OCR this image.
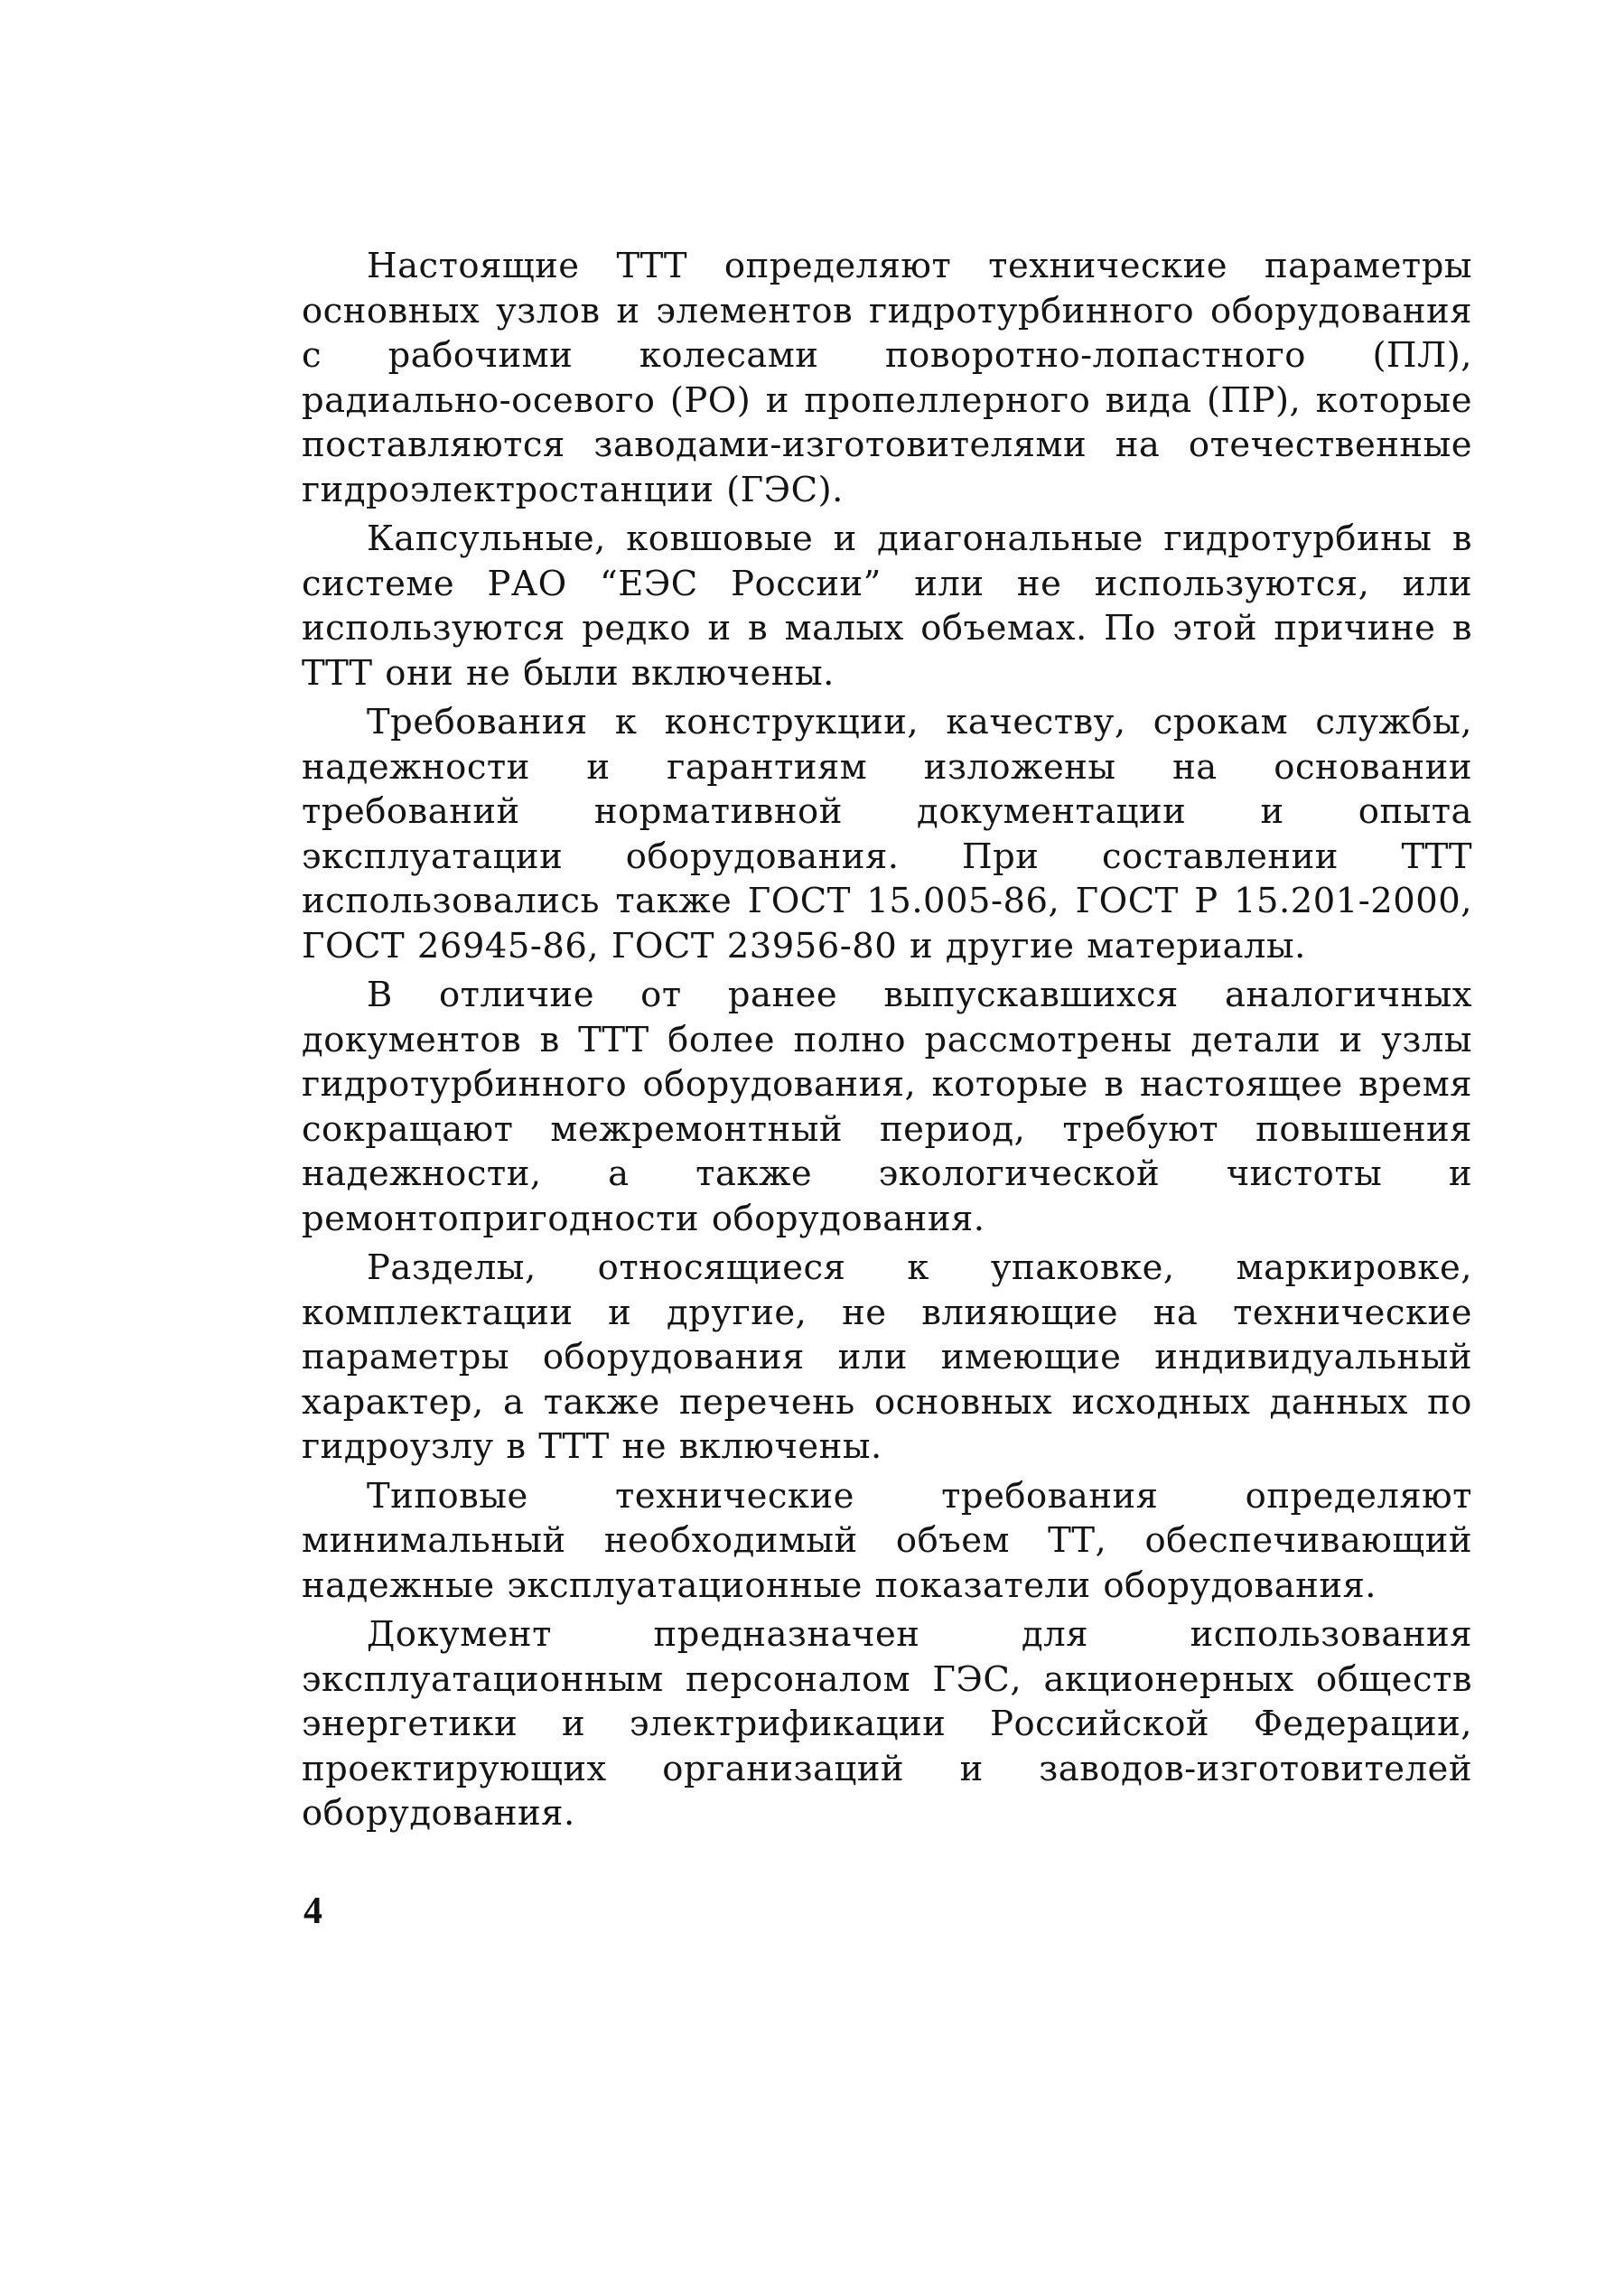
Настоящие ТТТ определяют технические параметры основных узлов и элементов гидротурбинного оборудования с рабочими колесами поворотно-лопастного (ПЛ), радиально-осевого (РО) и пропеллерного вида (ПР), которые поставляются заводами-изготовителями на отечественные гидроэлектростанции (ГЭС).

Капсульные, ковшовые и диагональные гидротурбины в системе РАО “ЕЭС России” или не используются, или используются редко и в малых объемах. По этой причине в ТТТ они не были включены.

Требования к конструкции, качеству, срокам службы, надежности и гарантиям изложены на основании требований нормативной документации и опыта эксплуатации оборудования. При составлении ТТТ использовались также ГОСТ 15.005-86, ГОСТ Р 15.201-2000, ГОСТ 26945-86, ГОСТ 23956-80 и другие материалы.

В отличие от ранее выпускавшихся аналогичных документов в ТТТ более полно рассмотрены детали и узлы гидротурбинного оборудования, которые в настоящее время сокращают межремонтный период, требуют повышения надежности, а также экологической чистоты и ремонтопригодности оборудования.

Разделы, относящиеся к упаковке, маркировке, комплектации и другие, не влияющие на технические параметры оборудования или имеющие индивидуальный характер, а также перечень основных исходных данных по гидроузлу в ТТТ не включены.

Типовые технические требования определяют минимальный необходимый объем ТТ, обеспечивающий надежные эксплуатационные показатели оборудования.

Документ предназначен для использования эксплуатационным персоналом ГЭС, акционерных обществ энергетики и электрификации Российской Федерации, проектирующих организаций и заводов-изготовителей оборудования.

4
